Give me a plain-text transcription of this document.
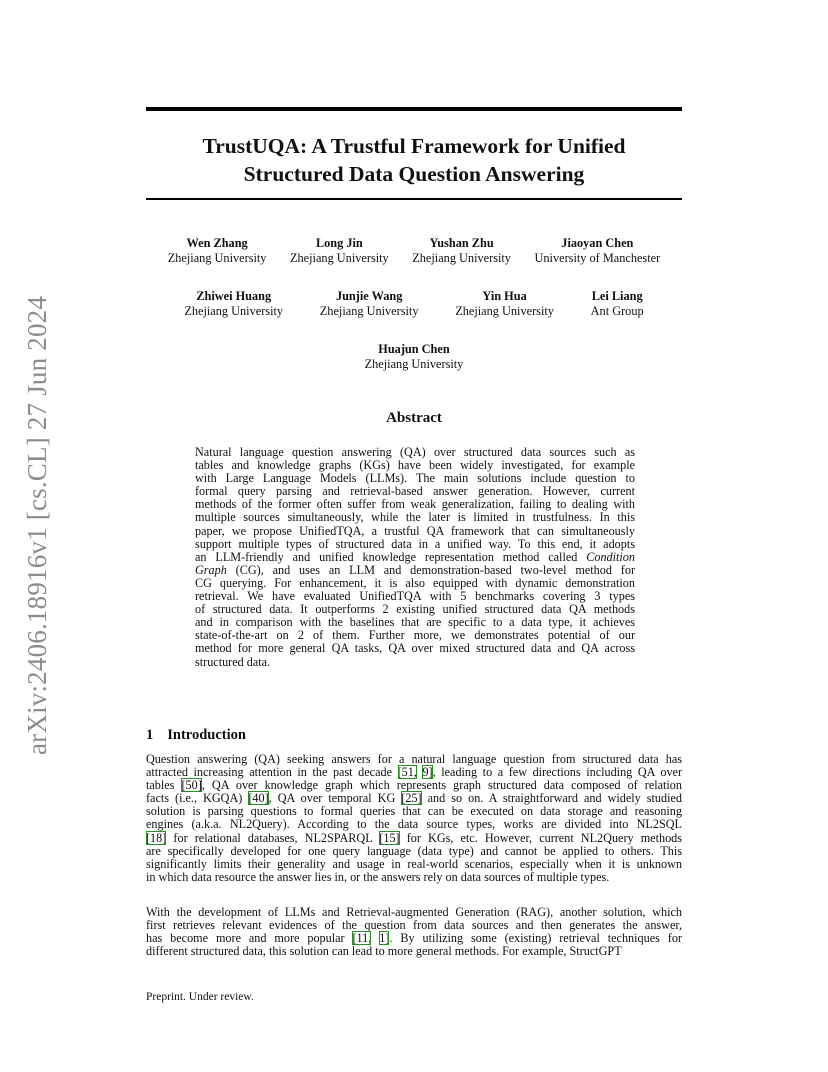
arXiv:2406.18916v1 [cs.CL] 27 Jun 2024
TrustUQA: A Trustful Framework for Unified
Structured Data Question Answering
Wen Zhang
Zhejiang University
Long Jin
Zhejiang University
Yushan Zhu
Zhejiang University
Jiaoyan Chen
University of Manchester
Zhiwei Huang
Zhejiang University
Junjie Wang
Zhejiang University
Yin Hua
Zhejiang University
Lei Liang
Ant Group
Huajun Chen
Zhejiang University
Abstract
Natural language question answering (QA) over structured data sources such as
tables and knowledge graphs (KGs) have been widely investigated, for example
with Large Language Models (LLMs). The main solutions include question to
formal query parsing and retrieval-based answer generation. However, current
methods of the former often suffer from weak generalization, failing to dealing with
multiple sources simultaneously, while the later is limited in trustfulness. In this
paper, we propose UnifiedTQA, a trustful QA framework that can simultaneously
support multiple types of structured data in a unified way. To this end, it adopts
an LLM-friendly and unified knowledge representation method called Condition
Graph (CG), and uses an LLM and demonstration-based two-level method for
CG querying. For enhancement, it is also equipped with dynamic demonstration
retrieval. We have evaluated UnifiedTQA with 5 benchmarks covering 3 types
of structured data. It outperforms 2 existing unified structured data QA methods
and in comparison with the baselines that are specific to a data type, it achieves
state-of-the-art on 2 of them. Further more, we demonstrates potential of our
method for more general QA tasks, QA over mixed structured data and QA across
structured data.
1 Introduction
Question answering (QA) seeking answers for a natural language question from structured data has
attracted increasing attention in the past decade [51, 9], leading to a few directions including QA over
tables [50], QA over knowledge graph which represents graph structured data composed of relation
facts (i.e., KGQA) [40], QA over temporal KG [25] and so on. A straightforward and widely studied
solution is parsing questions to formal queries that can be executed on data storage and reasoning
engines (a.k.a. NL2Query). According to the data source types, works are divided into NL2SQL
[18] for relational databases, NL2SPARQL [15] for KGs, etc. However, current NL2Query methods
are specifically developed for one query language (data type) and cannot be applied to others. This
significantly limits their generality and usage in real-world scenarios, especially when it is unknown
in which data resource the answer lies in, or the answers rely on data sources of multiple types.
With the development of LLMs and Retrieval-augmented Generation (RAG), another solution, which
first retrieves relevant evidences of the question from data sources and then generates the answer,
has become more and more popular [11, 1]. By utilizing some (existing) retrieval techniques for
different structured data, this solution can lead to more general methods. For example, StructGPT
Preprint. Under review.
